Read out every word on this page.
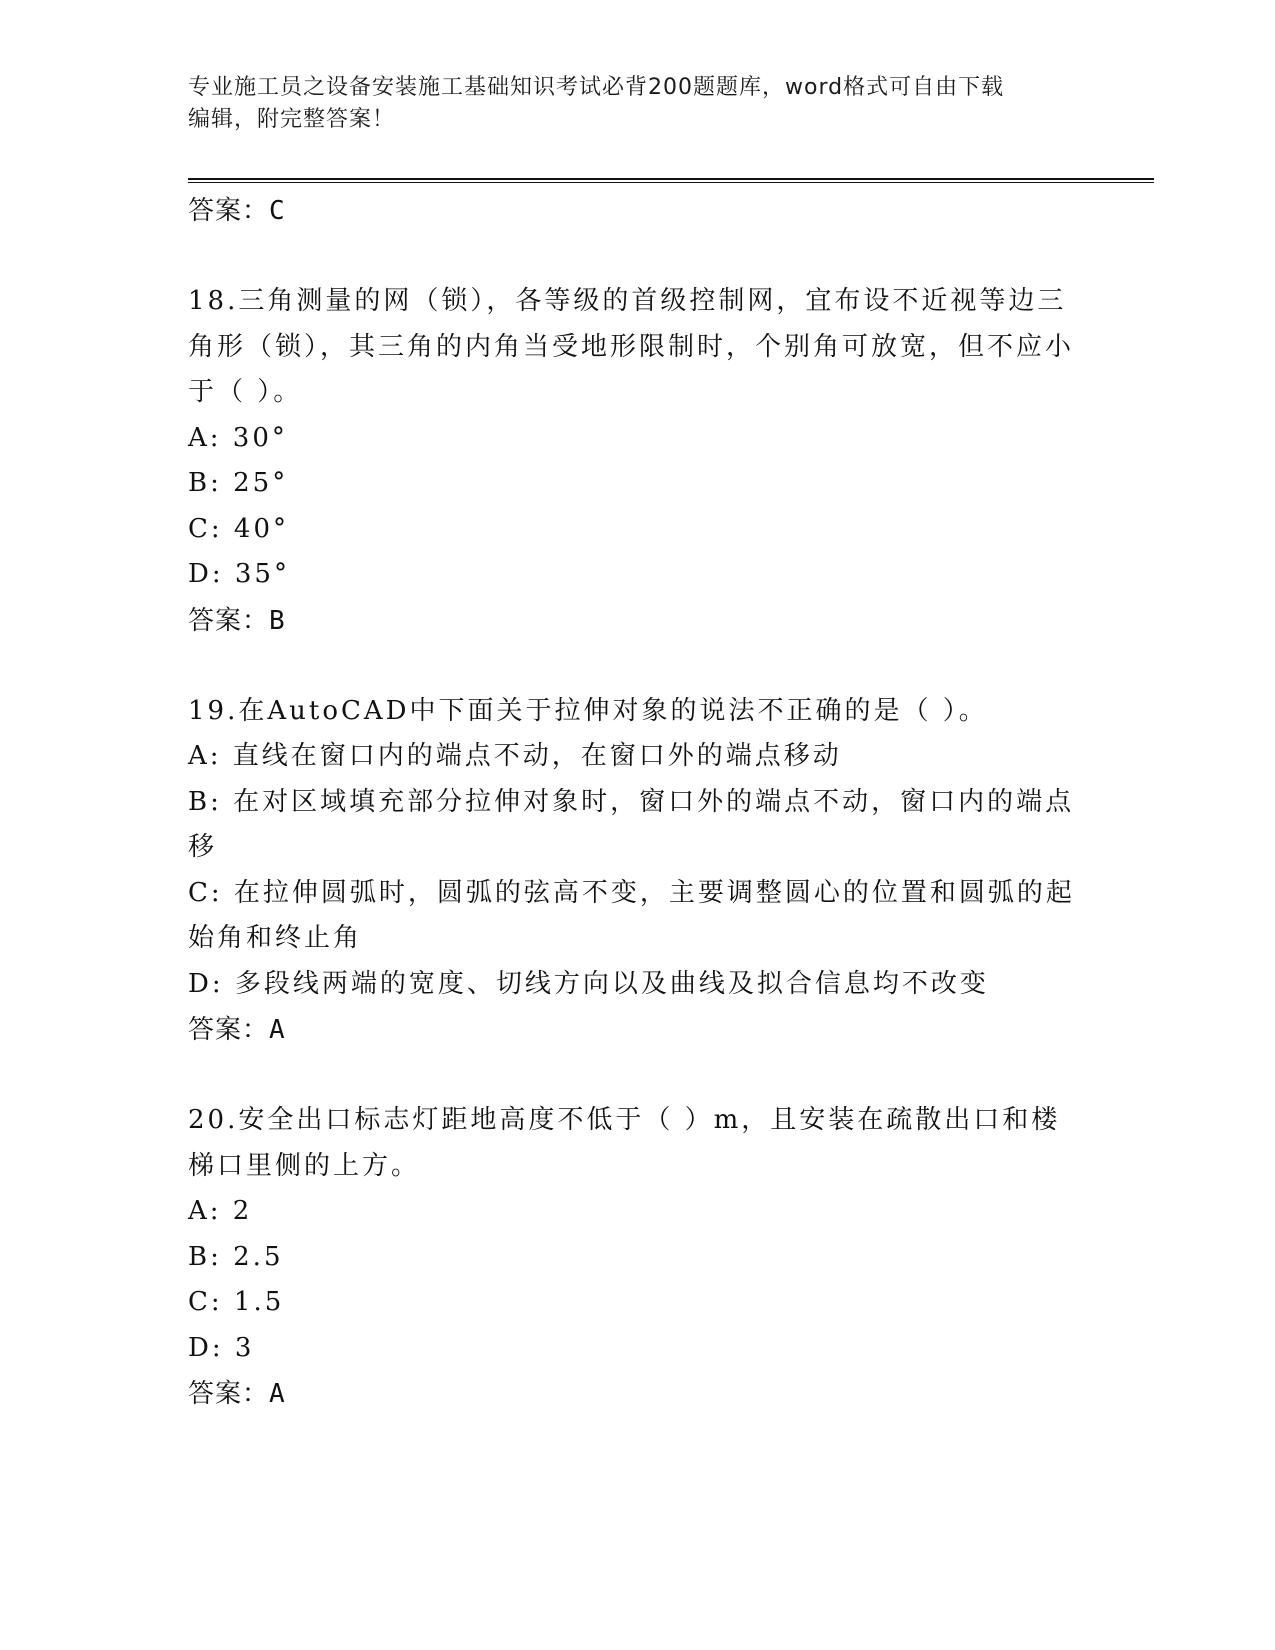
专业施工员之设备安装施工基础知识考试必背200题题库，word格式可自由下载
编辑，附完整答案！
答案：C

18.三角测量的网（锁），各等级的首级控制网，宜布设不近视等边三角形（锁），其三角的内角当受地形限制时，个别角可放宽，但不应小于（ ）。

A: 30°

B: 25°

C: 40°

D: 35°

答案：B

19.在AutoCAD中下面关于拉伸对象的说法不正确的是（ ）。

A: 直线在窗口内的端点不动，在窗口外的端点移动

B: 在对区域填充部分拉伸对象时，窗口外的端点不动，窗口内的端点移

C: 在拉伸圆弧时，圆弧的弦高不变，主要调整圆心的位置和圆弧的起始角和终止角

D: 多段线两端的宽度、切线方向以及曲线及拟合信息均不改变

答案：A

20.安全出口标志灯距地高度不低于（ ）m，且安装在疏散出口和楼梯口里侧的上方。

A: 2

B: 2.5

C: 1.5

D: 3

答案：A
